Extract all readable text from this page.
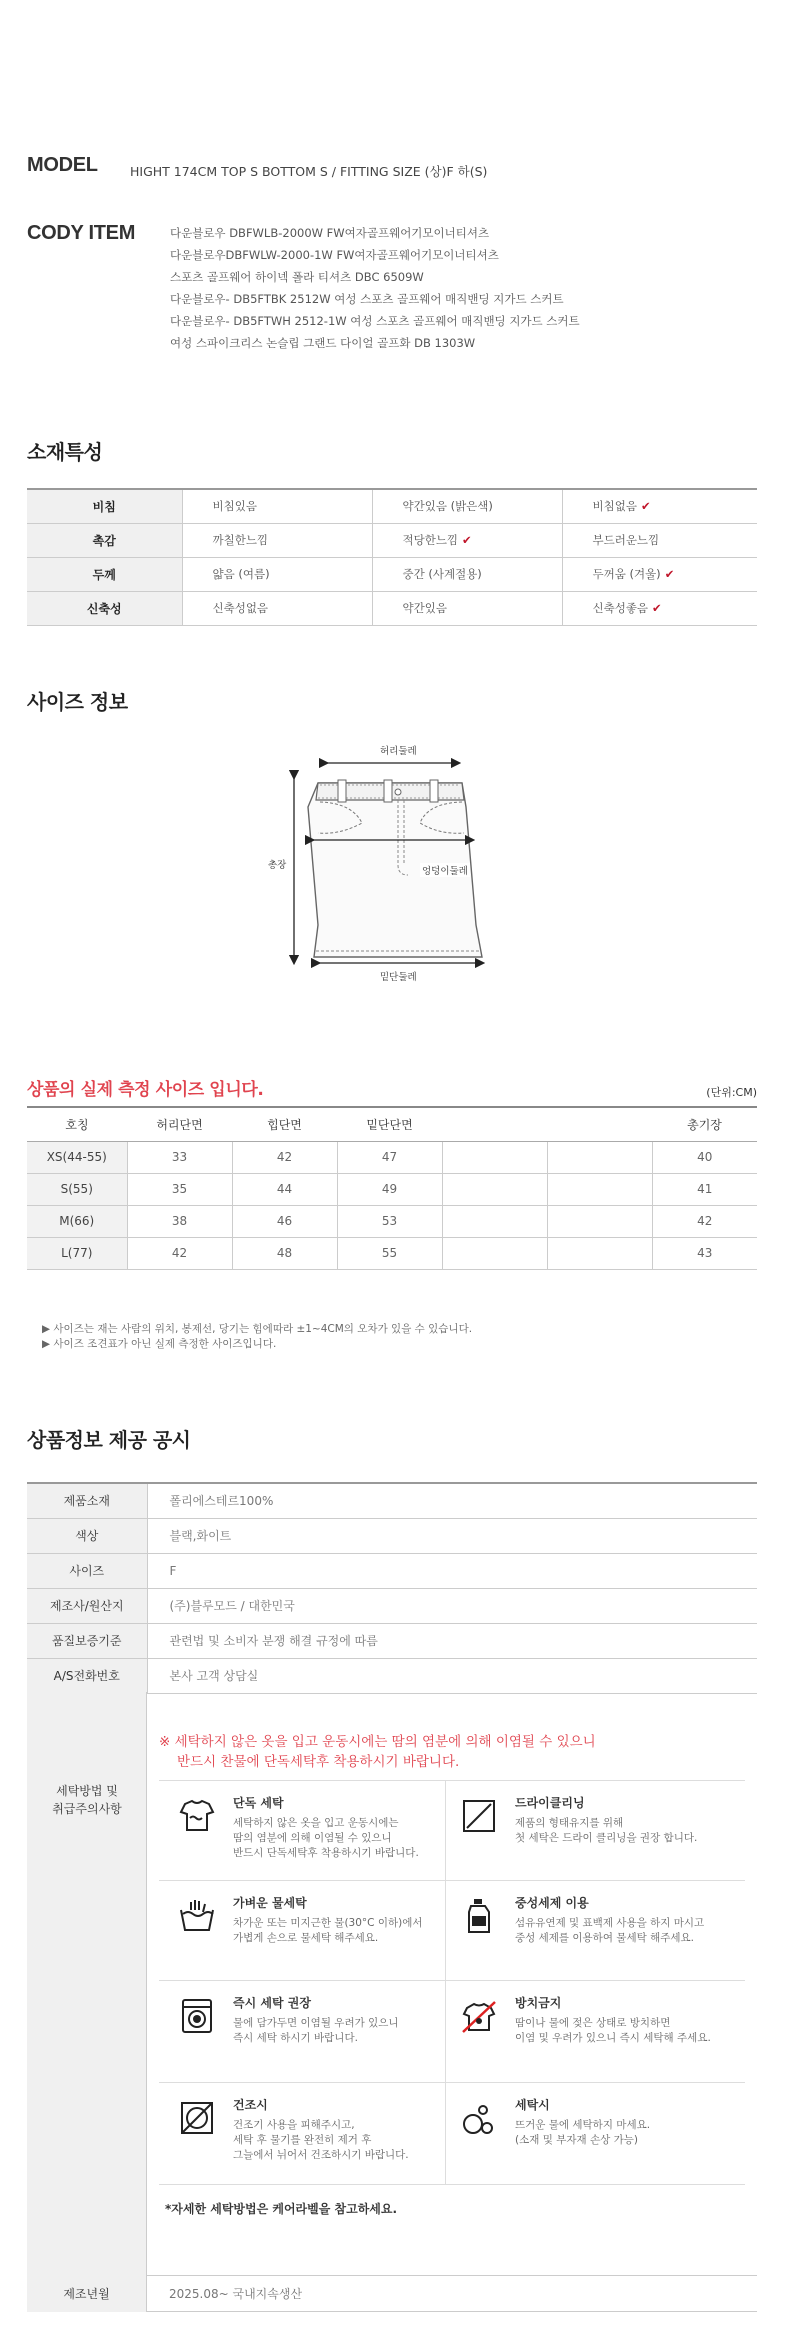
MODEL	HIGHT 174CM TOP S BOTTOM S / FITTING SIZE (상)F 하(S)
CODY ITEM	다운블로우 DBFWLB-2000W FW여자골프웨어기모이너티셔츠
다운블로우DBFWLW-2000-1W FW여자골프웨어기모이너티셔츠
스포츠 골프웨어 하이넥 폴라 티셔츠 DBC 6509W
다운블로우- DB5FTBK 2512W 여성 스포츠 골프웨어 매직밴딩 지가드 스커트
다운블로우- DB5FTWH 2512-1W 여성 스포츠 골프웨어 매직밴딩 지가드 스커트
여성 스파이크리스 논슬립 그랜드 다이얼 골프화 DB 1303W
소재특성
비침	비침있음	약간있음 (밝은색)	비침없음 ✔
촉감	까칠한느낌	적당한느낌 ✔	부드러운느낌
두께	얇음 (여름)	중간 (사계절용)	두꺼움 (겨울) ✔
신축성	신축성없음	약간있음	신축성좋음 ✔
사이즈 정보
허리둘레
총장
엉덩이둘레
밑단둘레
상품의 실제 측정 사이즈 입니다.	(단위:CM)
호칭	허리단면	힙단면	밑단단면			총기장
XS(44-55)	33	42	47			40
S(55)	35	44	49			41
M(66)	38	46	53			42
L(77)	42	48	55			43
▶ 사이즈는 재는 사람의 위치, 봉제선, 당기는 힘에따라 ±1~4CM의 오차가 있을 수 있습니다.
▶ 사이즈 조견표가 아닌 실제 측정한 사이즈입니다.
상품정보 제공 공시
제품소재	폴리에스테르100%
색상	블랙,화이트
사이즈	F
제조사/원산지	(주)블루모드 / 대한민국
품질보증기준	관련법 및 소비자 분쟁 해결 규정에 따름
A/S전화번호	본사 고객 상담실
세탁방법 및
취급주의사항
※ 세탁하지 않은 옷을 입고 운동시에는 땀의 염분에 의해 이염될 수 있으니
반드시 찬물에 단독세탁후 착용하시기 바랍니다.
단독 세탁
세탁하지 않은 옷을 입고 운동시에는
땀의 염분에 의해 이염될 수 있으니
반드시 단독세탁후 착용하시기 바랍니다.
드라이클리닝
제품의 형태유지를 위해
첫 세탁은 드라이 클리닝을 권장 합니다.
가벼운 물세탁
차가운 또는 미지근한 물(30°C 이하)에서
가볍게 손으로 물세탁 해주세요.
중성세제 이용
섬유유연제 및 표백제 사용을 하지 마시고
중성 세제를 이용하여 물세탁 해주세요.
즉시 세탁 권장
물에 담가두면 이염될 우려가 있으니
즉시 세탁 하시기 바랍니다.
방치금지
땀이나 물에 젖은 상태로 방치하면
이염 및 우려가 있으니 즉시 세탁해 주세요.
건조시
건조기 사용을 피해주시고,
세탁 후 물기를 완전히 제거 후
그늘에서 뉘어서 건조하시기 바랍니다.
세탁시
뜨거운 물에 세탁하지 마세요.
(소재 및 부자재 손상 가능)
*자세한 세탁방법은 케어라벨을 참고하세요.
제조년월	2025.08~ 국내지속생산
